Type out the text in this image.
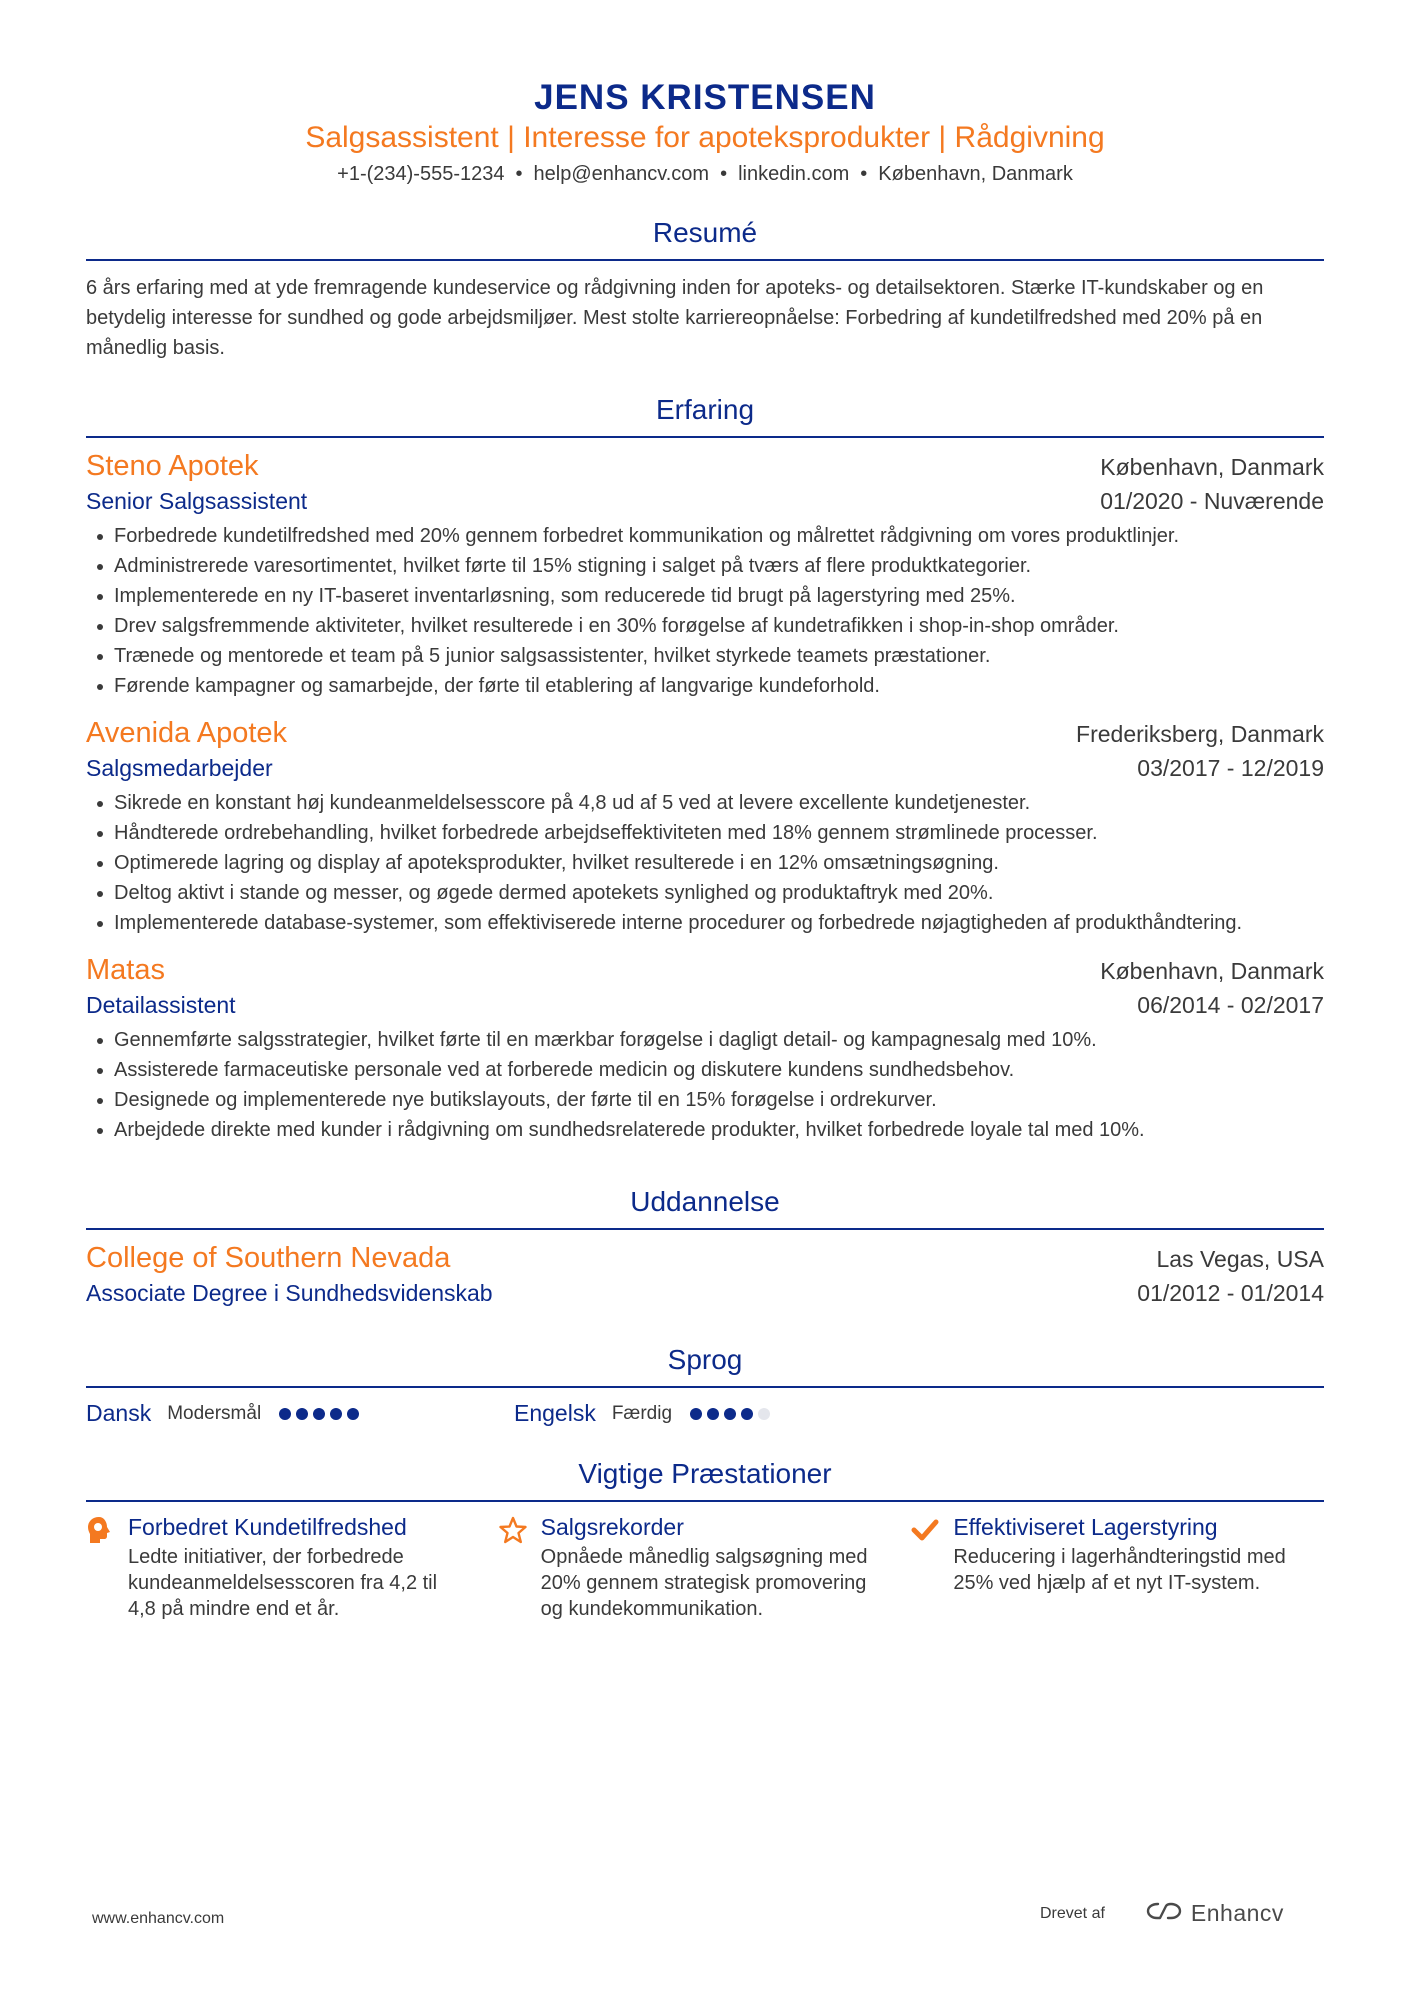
JENS KRISTENSEN
Salgsassistent | Interesse for apoteksprodukter | Rådgivning
+1-(234)-555-1234 • help@enhancv.com • linkedin.com • København, Danmark
Resumé
6 års erfaring med at yde fremragende kundeservice og rådgivning inden for apoteks- og detailsektoren. Stærke IT-kundskaber og en betydelig interesse for sundhed og gode arbejdsmiljøer. Mest stolte karriereopnåelse: Forbedring af kundetilfredshed med 20% på en månedlig basis.
Erfaring
Steno Apotek	København, Danmark
Senior Salgsassistent	01/2020 - Nuværende
Forbedrede kundetilfredshed med 20% gennem forbedret kommunikation og målrettet rådgivning om vores produktlinjer.
Administrerede varesortimentet, hvilket førte til 15% stigning i salget på tværs af flere produktkategorier.
Implementerede en ny IT-baseret inventarløsning, som reducerede tid brugt på lagerstyring med 25%.
Drev salgsfremmende aktiviteter, hvilket resulterede i en 30% forøgelse af kundetrafikken i shop-in-shop områder.
Trænede og mentorede et team på 5 junior salgsassistenter, hvilket styrkede teamets præstationer.
Førende kampagner og samarbejde, der førte til etablering af langvarige kundeforhold.
Avenida Apotek	Frederiksberg, Danmark
Salgsmedarbejder	03/2017 - 12/2019
Sikrede en konstant høj kundeanmeldelsesscore på 4,8 ud af 5 ved at levere excellente kundetjenester.
Håndterede ordrebehandling, hvilket forbedrede arbejdseffektiviteten med 18% gennem strømlinede processer.
Optimerede lagring og display af apoteksprodukter, hvilket resulterede i en 12% omsætningsøgning.
Deltog aktivt i stande og messer, og øgede dermed apotekets synlighed og produktaftryk med 20%.
Implementerede database-systemer, som effektiviserede interne procedurer og forbedrede nøjagtigheden af produkthåndtering.
Matas	København, Danmark
Detailassistent	06/2014 - 02/2017
Gennemførte salgsstrategier, hvilket førte til en mærkbar forøgelse i dagligt detail- og kampagnesalg med 10%.
Assisterede farmaceutiske personale ved at forberede medicin og diskutere kundens sundhedsbehov.
Designede og implementerede nye butikslayouts, der førte til en 15% forøgelse i ordrekurver.
Arbejdede direkte med kunder i rådgivning om sundhedsrelaterede produkter, hvilket forbedrede loyale tal med 10%.
Uddannelse
College of Southern Nevada	Las Vegas, USA
Associate Degree i Sundhedsvidenskab	01/2012 - 01/2014
Sprog
Dansk Modersmål	Engelsk Færdig
Vigtige Præstationer
Forbedret Kundetilfredshed
Ledte initiativer, der forbedrede kundeanmeldelsesscoren fra 4,2 til 4,8 på mindre end et år.
Salgsrekorder
Opnåede månedlig salgsøgning med 20% gennem strategisk promovering og kundekommunikation.
Effektiviseret Lagerstyring
Reducering i lagerhåndteringstid med 25% ved hjælp af et nyt IT-system.
www.enhancv.com	Drevet af	Enhancv
